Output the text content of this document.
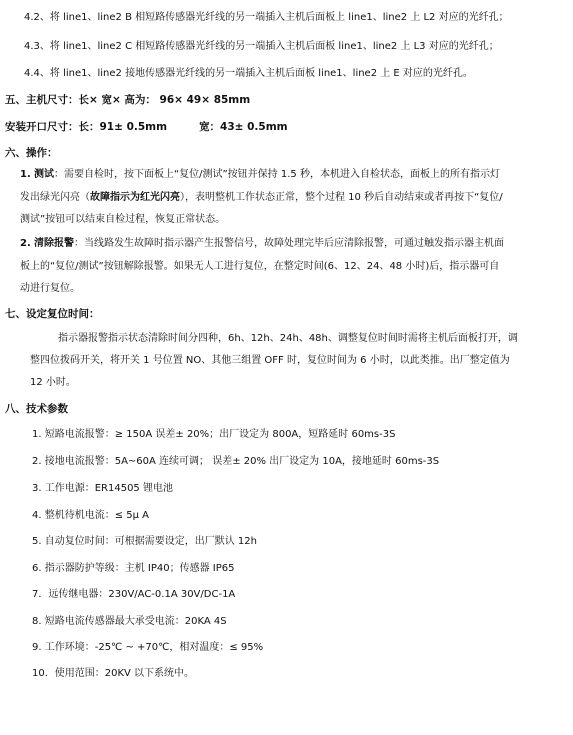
4.2、将 line1、line2 B 相短路传感器光纤线的另一端插入主机后面板上 line1、line2 上 L2 对应的光纤孔；
4.3、将 line1、line2 C 相短路传感器光纤线的另一端插入主机后面板 line1、line2 上 L3 对应的光纤孔；
4.4、将 line1、line2 接地传感器光纤线的另一端插入主机后面板 line1、line2 上 E 对应的光纤孔。
五、主机尺寸：长× 宽× 高为： 96× 49× 85mm
安装开口尺寸：长：91± 0.5mm	宽：43± 0.5mm
六、操作：
1. 测试：需要自检时，按下面板上“复位/测试”按钮并保持 1.5 秒，本机进入自检状态，面板上的所有指示灯
发出绿光闪亮（故障指示为红光闪亮），表明整机工作状态正常，整个过程 10 秒后自动结束或者再按下“复位/
测试”按钮可以结束自检过程，恢复正常状态。
2. 清除报警：当线路发生故障时指示器产生报警信号，故障处理完毕后应清除报警，可通过触发指示器主机面
板上的“复位/测试”按钮解除报警。如果无人工进行复位，在整定时间(6、12、24、48 小时)后，指示器可自
动进行复位。
七、设定复位时间：
指示器报警指示状态清除时间分四种，6h、12h、24h、48h、调整复位时间时需将主机后面板打开，调
整四位拨码开关，将开关 1 号位置 NO、其他三组置 OFF 时，复位时间为 6 小时，以此类推。出厂整定值为
12 小时。
八、技术参数
1. 短路电流报警：≥ 150A 误差± 20%；出厂设定为 800A，短路延时 60ms-3S
2. 接地电流报警：5A~60A 连续可调； 误差± 20% 出厂设定为 10A，接地延时 60ms-3S
3. 工作电源：ER14505 锂电池
4. 整机待机电流：≤ 5μ A
5. 自动复位时间：可根据需要设定，出厂默认 12h
6. 指示器防护等级：主机 IP40；传感器 IP65
7．远传继电器：230V/AC-0.1A 30V/DC-1A
8. 短路电流传感器最大承受电流：20KA 4S
9. 工作环境：-25℃ ~ +70℃，相对温度：≤ 95%
10．使用范围：20KV 以下系统中。
